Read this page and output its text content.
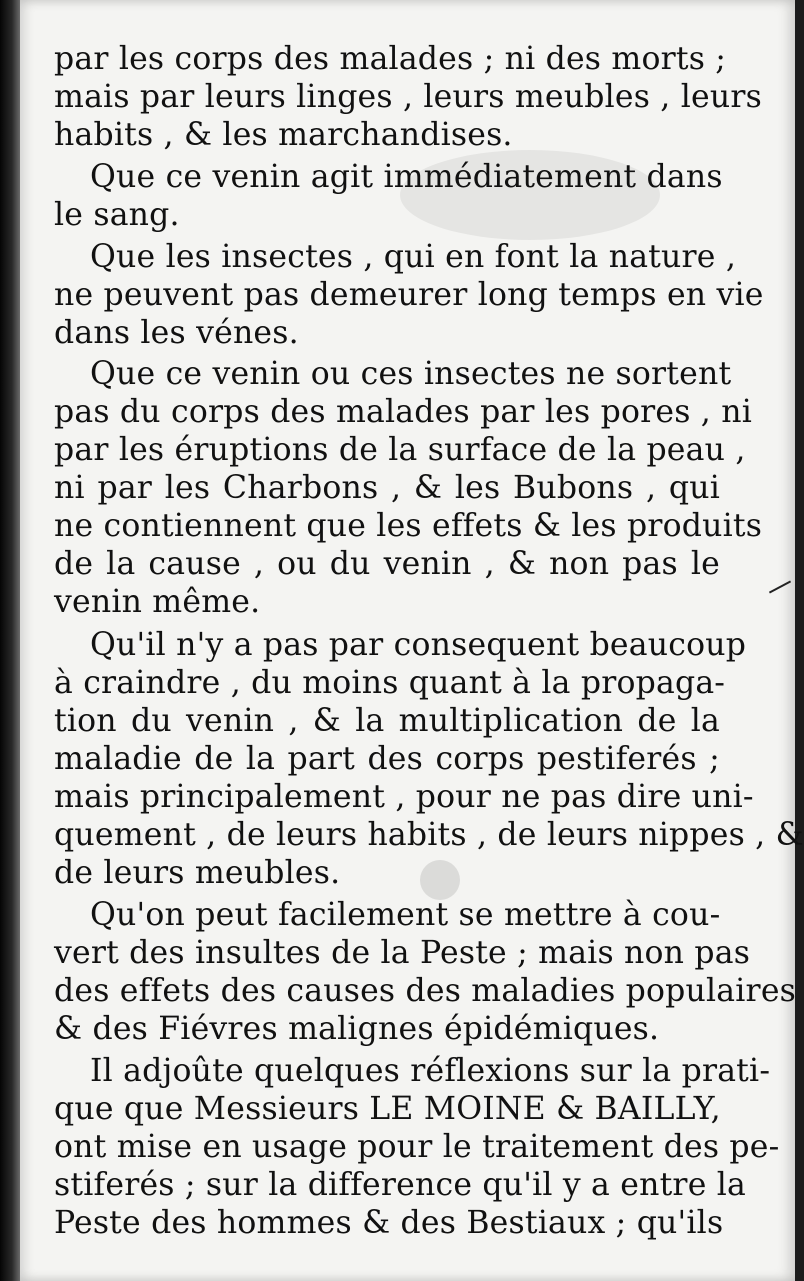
par les corps des malades ; ni des morts ;
mais par leurs linges , leurs meubles , leurs
habits , & les marchandises.
Que ce venin agit immédiatement dans
le sang.
Que les insectes , qui en font la nature ,
ne peuvent pas demeurer long temps en vie
dans les vénes.
Que ce venin ou ces insectes ne sortent
pas du corps des malades par les pores , ni
par les éruptions de la surface de la peau ,
ni par les Charbons , & les Bubons , qui
ne contiennent que les effets & les produits
de la cause , ou du venin , & non pas le
venin même.
Qu'il n'y a pas par consequent beaucoup
à craindre , du moins quant à la propaga-
tion du venin , & la multiplication de la
maladie de la part des corps pestiferés ;
mais principalement , pour ne pas dire uni-
quement , de leurs habits , de leurs nippes , &
de leurs meubles.
Qu'on peut facilement se mettre à cou-
vert des insultes de la Peste ; mais non pas
des effets des causes des maladies populaires
& des Fiévres malignes épidémiques.
Il adjoûte quelques réflexions sur la prati-
que que Messieurs LE MOINE & BAILLY,
ont mise en usage pour le traitement des pe-
stiferés ; sur la difference qu'il y a entre la
Peste des hommes & des Bestiaux ; qu'ils
